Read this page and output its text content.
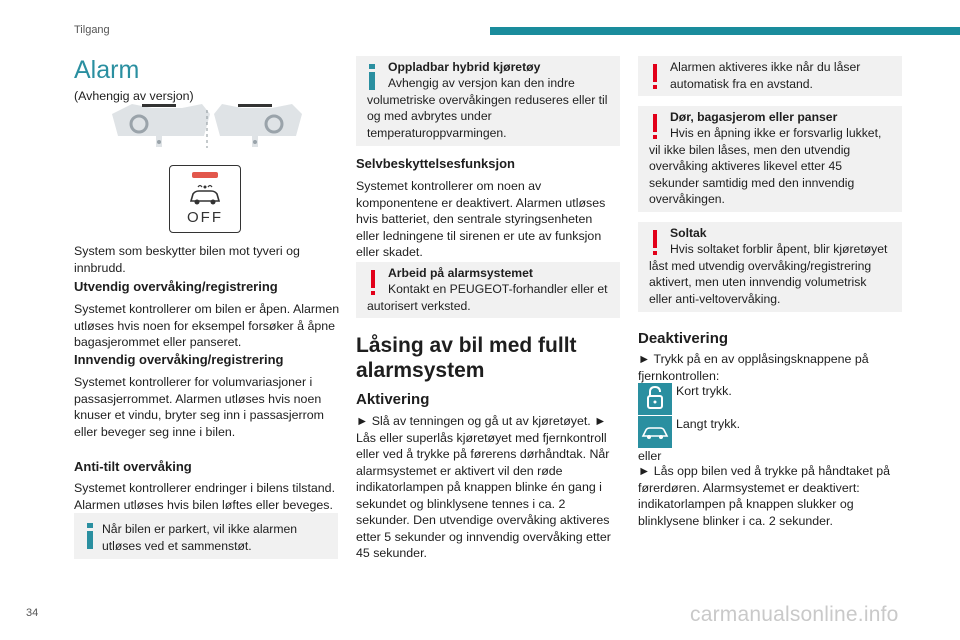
Tilgang
34	carmanualsonline.info
Alarm
(Avhengig av versjon)
OFF
System som beskytter bilen mot tyveri og innbrudd.
Utvendig overvåking/registrering
Systemet kontrollerer om bilen er åpen. Alarmen utløses hvis noen for eksempel forsøker å åpne bagasjerommet eller panseret.
Innvendig overvåking/registrering
Systemet kontrollerer for volumvariasjoner i passasjerrommet. Alarmen utløses hvis noen knuser et vindu, bryter seg inn i passasjerrom eller beveger seg inne i bilen.
Anti-tilt overvåking
Systemet kontrollerer endringer i bilens tilstand. Alarmen utløses hvis bilen løftes eller beveges.
Når bilen er parkert, vil ikke alarmen utløses ved et sammenstøt.
Oppladbar hybrid kjøretøy
Avhengig av versjon kan den indre volumetriske overvåkingen reduseres eller til og med avbrytes under temperaturoppvarmingen.
Selvbeskyttelsesfunksjon
Systemet kontrollerer om noen av komponentene er deaktivert. Alarmen utløses hvis batteriet, den sentrale styringsenheten eller ledningene til sirenen er ute av funksjon eller skadet.
Arbeid på alarmsystemet
Kontakt en PEUGEOT-forhandler eller et autorisert verksted.
Låsing av bil med fullt alarmsystem
Aktivering
► Slå av tenningen og gå ut av kjøretøyet. ► Lås eller superlås kjøretøyet med fjernkontroll eller ved å trykke på førerens dørhåndtak. Når alarmsystemet er aktivert vil den røde indikatorlampen på knappen blinke én gang i sekundet og blinklysene tennes i ca. 2 sekunder. Den utvendige overvåking aktiveres etter 5 sekunder og innvendig overvåking etter 45 sekunder.
Alarmen aktiveres ikke når du låser automatisk fra en avstand.
Dør, bagasjerom eller panser
Hvis en åpning ikke er forsvarlig lukket, vil ikke bilen låses, men den utvendig overvåking aktiveres likevel etter 45 sekunder samtidig med den innvendig overvåkingen.
Soltak
Hvis soltaket forblir åpent, blir kjøretøyet låst med utvendig overvåking/registrering aktivert, men uten innvendig volumetrisk eller anti-veltovervåking.
Deaktivering
► Trykk på en av opplåsingsknappene på fjernkontrollen:
Kort trykk.
Langt trykk.
eller
► Lås opp bilen ved å trykke på håndtaket på førerdøren. Alarmsystemet er deaktivert: indikatorlampen på knappen slukker og blinklysene blinker i ca. 2 sekunder.
